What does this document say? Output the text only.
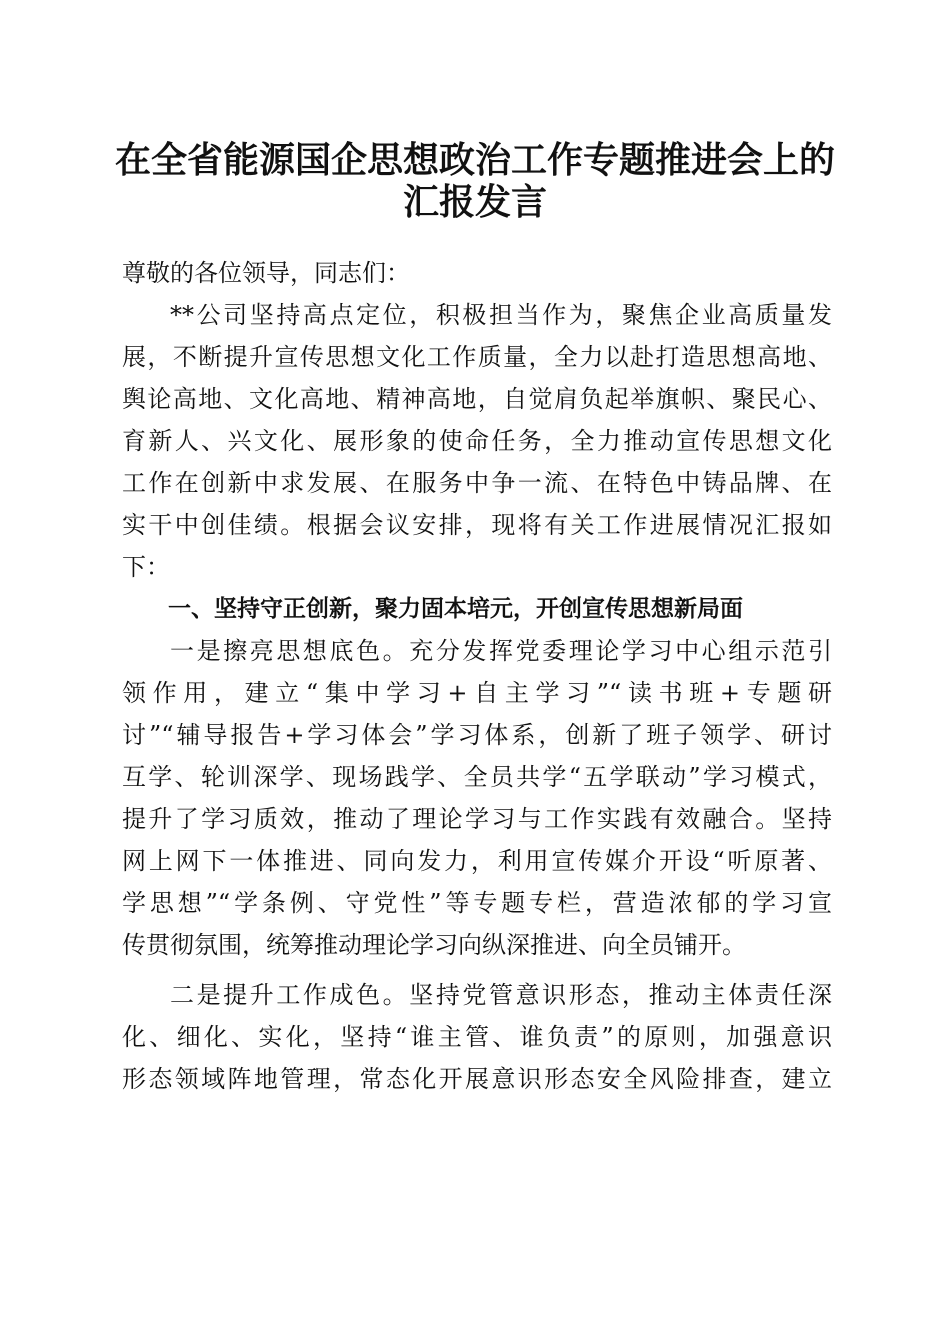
在全省能源国企思想政治工作专题推进会上的
汇报发言
尊敬的各位领导，同志们：
**公司坚持高点定位，积极担当作为，聚焦企业高质量发
展，不断提升宣传思想文化工作质量，全力以赴打造思想高地、
舆论高地、文化高地、精神高地，自觉肩负起举旗帜、聚民心、
育新人、兴文化、展形象的使命任务，全力推动宣传思想文化
工作在创新中求发展、在服务中争一流、在特色中铸品牌、在
实干中创佳绩。根据会议安排，现将有关工作进展情况汇报如
下：
一、坚持守正创新，聚力固本培元，开创宣传思想新局面
一是擦亮思想底色。充分发挥党委理论学习中心组示范引
领作用，建立“集中学习+自主学习”“读书班+专题研
讨”“辅导报告+学习体会”学习体系，创新了班子领学、研讨
互学、轮训深学、现场践学、全员共学“五学联动”学习模式，
提升了学习质效，推动了理论学习与工作实践有效融合。坚持
网上网下一体推进、同向发力，利用宣传媒介开设“听原著、
学思想”“学条例、守党性”等专题专栏，营造浓郁的学习宣
传贯彻氛围，统筹推动理论学习向纵深推进、向全员铺开。
二是提升工作成色。坚持党管意识形态，推动主体责任深
化、细化、实化，坚持“谁主管、谁负责”的原则，加强意识
形态领域阵地管理，常态化开展意识形态安全风险排查，建立
